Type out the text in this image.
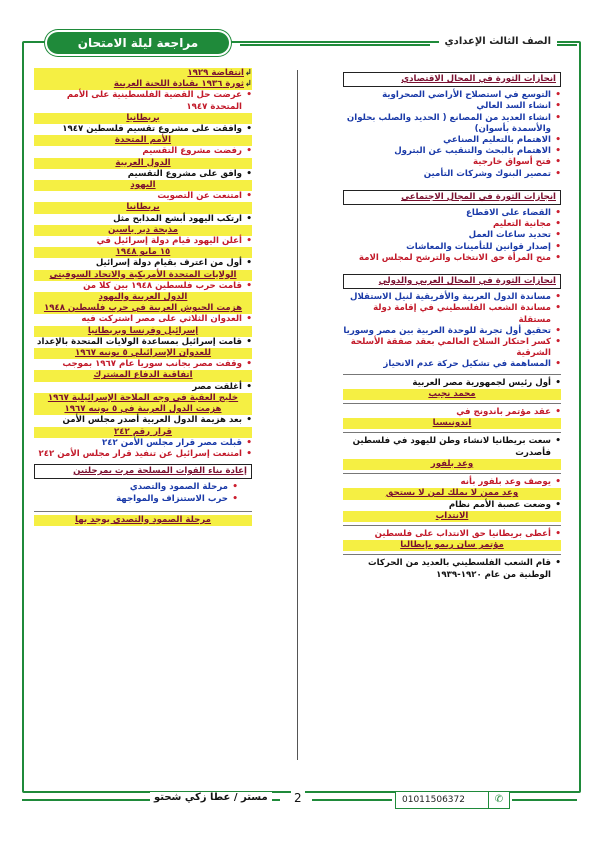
الصف الثالث الإعدادي
مراجعة ليلة الامتحان
انجازات الثورة في المجال الاقتصادي
•
التوسع في استصلاح الأراضي الصحراوية
•
انشاء السد العالي
•
انشاء العديد من المصانع ( الحديد والصلب بحلوان والأسمدة بأسوان)
•
الاهتمام بالتعليم الصناعي
•
الاهتمام بالبحث والتنقيب عن البترول
•
فتح أسواق خارجية
•
تمصير البنوك وشركات التأمين
انجازات الثورة في المجال الاجتماعي
•
القضاء على الاقطاع
•
مجانية التعليم
•
تحديد ساعات العمل
•
إصدار قوانين للتأمينات والمعاشات
•
منح المرأة حق الانتخاب والترشح لمجلس الامة
انجازات الثورة في المجال العربي والدولي
•
مساندة الدول العربية والأفريقية لنيل الاستقلال
•
مساندة الشعب الفلسطيني في إقامة دولة مستقلة
•
تحقيق أول تجربة للوحدة العربية بين مصر وسوريا
•
كسر احتكار السلاح العالمي بعقد صفقة الأسلحة الشرقية
•
المساهمة في تشكيل حركة عدم الانحياز
•
أول رئيس لجمهورية مصر العربية
محمد نجيب
•
عقد مؤتمر باندونج في
اندونيسيا
•
سعت بريطانيا لانشاء وطن لليهود في فلسطين فأصدرت
وعد بلفور
•
يوصف وعد بلفور بأنه
وعد ممن لا يملك لمن لا يستحق
•
وضعت عصبة الأمم نظام
الانتداب
•
أعطى بريطانيا حق الانتداب على فلسطين
مؤتمر سان ريمو بإيطاليا
•
قام الشعب الفلسطيني بالعديد من الحركات الوطنية من عام ١٩٢٠-١٩٣٩
↲انتفاضة ١٩٢٩
↲ثورة ١٩٣٦ بقيادة اللجنة العربية
•
عرضت حل القضية الفلسطينية على الأمم المتحدة ١٩٤٧
بريطانيا
•
وافقت على مشروع تقسيم فلسطين ١٩٤٧
الأمم المتحدة
•
رفضت مشروع التقسيم
الدول العربية
•
وافق على مشروع التقسيم
اليهود
•
امتنعت عن التصويت
بريطانيا
•
ارتكب اليهود أبشع المذابح مثل
مذبحة دير ياسين
•
أعلن اليهود قيام دولة إسرائيل في
١٥ مايو ١٩٤٨
•
أول من اعترف بقيام دولة إسرائيل
الولايات المتحدة الأمريكية والاتحاد السوفيتي
•
قامت حرب فلسطين ١٩٤٨ بين كلا من
الدول العربية واليهود
هزمت الجيوش العربية في حرب فلسطين ١٩٤٨
•
العدوان الثلاثي على مصر اشتركت فيه
إسرائيل وفرنسا وبريطانيا
•
قامت إسرائيل بمساعدة الولايات المتحدة بالإعداد
للعدوان الإسرائيلي ٥ يونيه ١٩٦٧
•
وقفت مصر بجانب سوريا عام ١٩٦٧ بموجب
اتفاقية الدفاع المشترك
•
أغلقت مصر
خليج العقبة في وجه الملاحة الإسرائيلية ١٩٦٧
هزمت الدول العربية في ٥ يونيه ١٩٦٧
•
بعد هزيمة الدول العربية أصدر مجلس الأمن
قرار رقم ٢٤٢
•
قبلت مصر قرار مجلس الأمن ٢٤٢
•
امتنعت إسرائيل عن تنفيذ قرار مجلس الأمن ٢٤٢
إعادة بناء القوات المسلحة مرت بمرحلتين
•
مرحلة الصمود والتصدي
•
حرب الاستنزاف والمواجهة
مرحلة الصمود والتصدي يوجد بها
مستر / عطا زكي شحتو	2	01011506372	✆
